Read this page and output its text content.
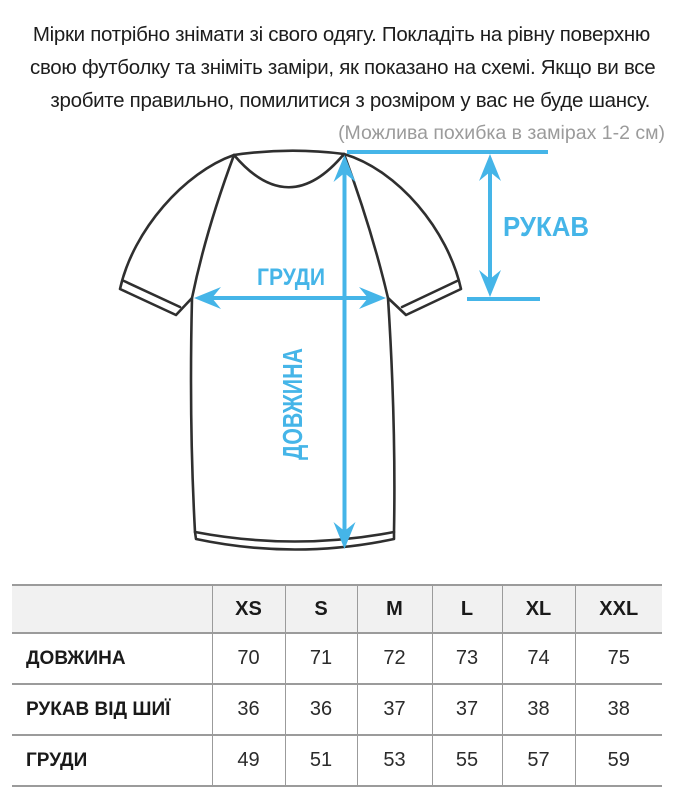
Мірки потрібно знімати зі свого одягу. Покладіть на рівну поверхню
свою футболку та зніміть заміри, як показано на схемі. Якщо ви все
зробите правильно, помилитися з розміром у вас не буде шансу.
(Можлива похибка в замірах 1-2 см)
ГРУДИ
РУКАВ
ДОВЖИНА
	XS	S	M	L	XL	XXL
ДОВЖИНА	70	71	72	73	74	75
РУКАВ ВІД ШИЇ	36	36	37	37	38	38
ГРУДИ	49	51	53	55	57	59
